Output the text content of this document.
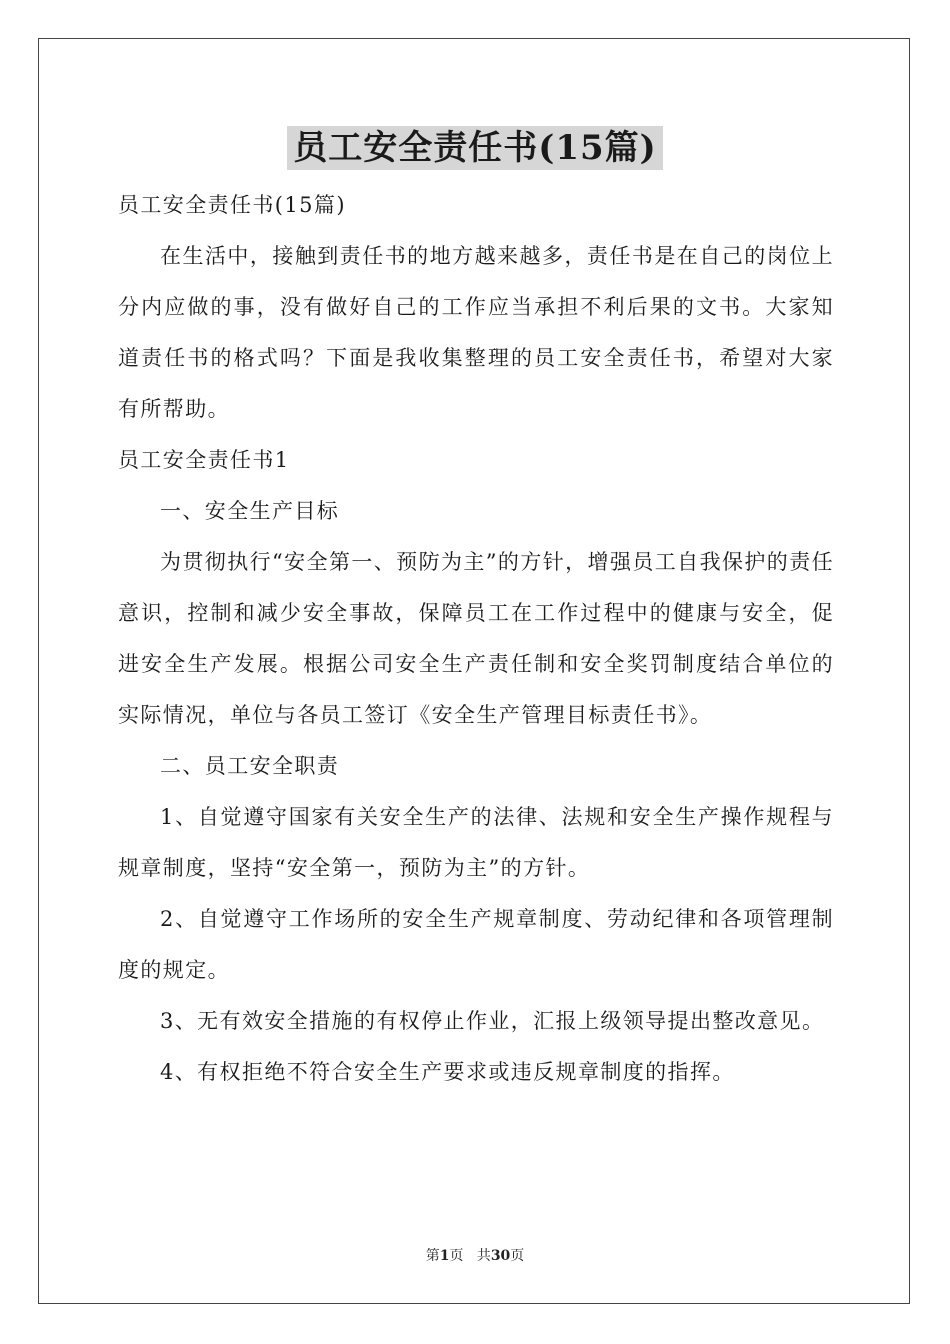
员工安全责任书(15篇)

员工安全责任书(15篇)

在生活中，接触到责任书的地方越来越多，责任书是在自己的岗位上分内应做的事，没有做好自己的工作应当承担不利后果的文书。大家知道责任书的格式吗？下面是我收集整理的员工安全责任书，希望对大家有所帮助。

员工安全责任书1

一、安全生产目标

为贯彻执行“安全第一、预防为主”的方针，增强员工自我保护的责任意识，控制和减少安全事故，保障员工在工作过程中的健康与安全，促进安全生产发展。根据公司安全生产责任制和安全奖罚制度结合单位的实际情况，单位与各员工签订《安全生产管理目标责任书》。

二、员工安全职责

1、自觉遵守国家有关安全生产的法律、法规和安全生产操作规程与规章制度，坚持“安全第一，预防为主”的方针。

2、自觉遵守工作场所的安全生产规章制度、劳动纪律和各项管理制度的规定。

3、无有效安全措施的有权停止作业，汇报上级领导提出整改意见。

4、有权拒绝不符合安全生产要求或违反规章制度的指挥。

第1页 共30页
